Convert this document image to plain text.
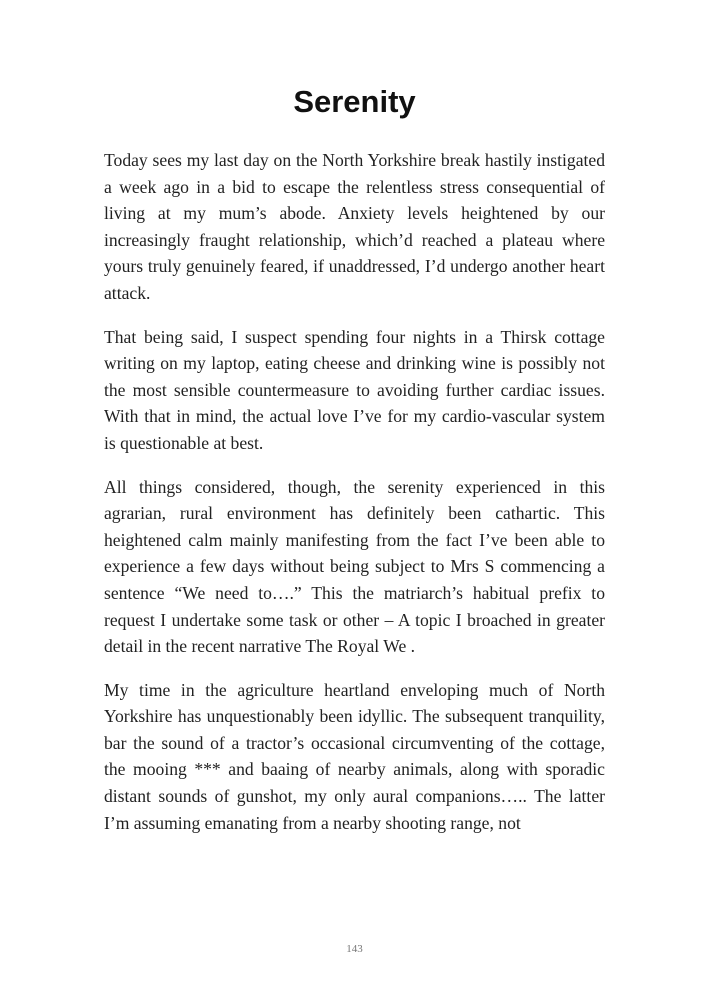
Serenity

Today sees my last day on the North Yorkshire break hastily instigated a week ago in a bid to escape the relentless stress consequential of living at my mum’s abode. Anxiety levels heightened by our increasingly fraught relationship, which’d reached a plateau where yours truly genuinely feared, if unaddressed, I’d undergo another heart attack.

That being said, I suspect spending four nights in a Thirsk cottage writing on my laptop, eating cheese and drinking wine is possibly not the most sensible countermeasure to avoiding further cardiac issues. With that in mind, the actual love I’ve for my cardio-vascular system is questionable at best.

All things considered, though, the serenity experienced in this agrarian, rural environment has definitely been cathartic. This heightened calm mainly manifesting from the fact I’ve been able to experience a few days without being subject to Mrs S commencing a sentence “We need to….” This the matriarch’s habitual prefix to request I undertake some task or other – A topic I broached in greater detail in the recent narrative The Royal We .

My time in the agriculture heartland enveloping much of North Yorkshire has unquestionably been idyllic. The subsequent tranquility, bar the sound of a tractor’s occasional circumventing of the cottage, the mooing *** and baaing of nearby animals, along with sporadic distant sounds of gunshot, my only aural companions….. The latter I’m assuming emanating from a nearby shooting range, not

143
